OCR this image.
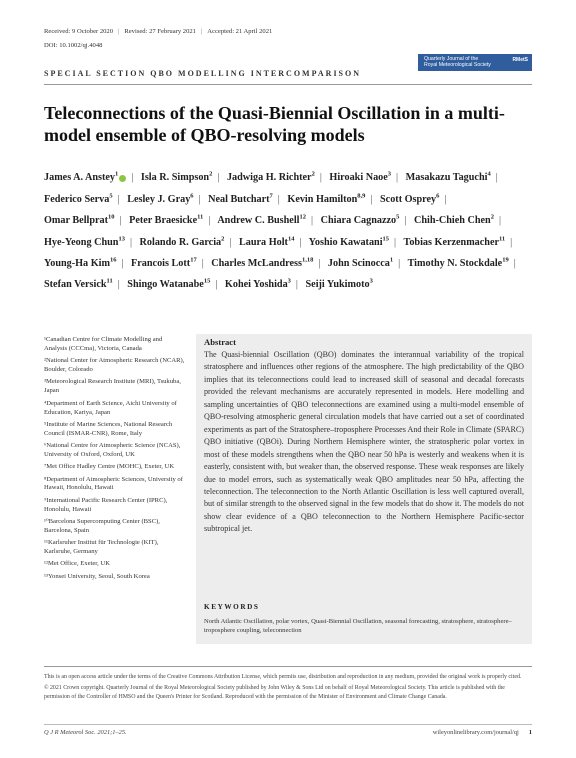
Received: 9 October 2020 | Revised: 27 February 2021 | Accepted: 21 April 2021
DOI: 10.1002/qj.4048
Quarterly Journal of the
Royal Meteorological Society
RMetS
SPECIAL SECTION QBO MODELLING INTERCOMPARISON
Teleconnections of the Quasi-Biennial Oscillation in a multi-model ensemble of QBO-resolving models
James A. Anstey$^1$ | Isla R. Simpson$^2$ | Jadwiga H. Richter$^2$ | Hiroaki Naoe$^3$ | Masakazu Taguchi$^4$ | Federico Serva$^5$ | Lesley J. Gray$^6$ | Neal Butchart$^7$ | Kevin Hamilton$^{8,9}$ | Scott Osprey$^6$ | Omar Bellprat$^{10}$ | Peter Braesicke$^{11}$ | Andrew C. Bushell$^{12}$ | Chiara Cagnazzo$^5$ | Chih-Chieh Chen$^2$ | Hye-Yeong Chun$^{13}$ | Rolando R. Garcia$^2$ | Laura Holt$^{14}$ | Yoshio Kawatani$^{15}$ | Tobias Kerzenmacher$^{11}$ | Young-Ha Kim$^{16}$ | Francois Lott$^{17}$ | Charles McLandress$^{1,18}$ | John Scinocca$^1$ | Timothy N. Stockdale$^{19}$ | Stefan Versick$^{11}$ | Shingo Watanabe$^{15}$ | Kohei Yoshida$^3$ | Seiji Yukimoto$^3$

¹Canadian Centre for Climate Modelling and Analysis (CCCma), Victoria, Canada

²National Center for Atmospheric Research (NCAR), Boulder, Colorado

³Meteorological Research Institute (MRI), Tsukuba, Japan

⁴Department of Earth Science, Aichi University of Education, Kariya, Japan

⁵Institute of Marine Sciences, National Research Council (ISMAR-CNR), Rome, Italy

⁶National Centre for Atmospheric Science (NCAS), University of Oxford, Oxford, UK

⁷Met Office Hadley Centre (MOHC), Exeter, UK

⁸Department of Atmospheric Sciences, University of Hawaii, Honolulu, Hawaii

⁹International Pacific Research Center (IPRC), Honolulu, Hawaii

¹⁰Barcelona Supercomputing Center (BSC), Barcelona, Spain

¹¹Karlsruher Institut für Technologie (KIT), Karlsruhe, Germany

¹²Met Office, Exeter, UK

¹³Yonsei University, Seoul, South Korea

Abstract
The Quasi-biennial Oscillation (QBO) dominates the interannual variability of the tropical stratosphere and influences other regions of the atmosphere. The high predictability of the QBO implies that its teleconnections could lead to increased skill of seasonal and decadal forecasts provided the relevant mechanisms are accurately represented in models. Here modelling and sampling uncertainties of QBO teleconnections are examined using a multi-model ensemble of QBO-resolving atmospheric general circulation models that have carried out a set of coordinated experiments as part of the Stratosphere–troposphere Processes And their Role in Climate (SPARC) QBO initiative (QBOi). During Northern Hemisphere winter, the stratospheric polar vortex in most of these models strengthens when the QBO near 50 hPa is westerly and weakens when it is easterly, consistent with, but weaker than, the observed response. These weak responses are likely due to model errors, such as systematically weak QBO amplitudes near 50 hPa, affecting the teleconnection. The teleconnection to the North Atlantic Oscillation is less well captured overall, but of similar strength to the observed signal in the few models that do show it. The models do not show clear evidence of a QBO teleconnection to the Northern Hemisphere Pacific-sector subtropical jet.
KEYWORDS
North Atlantic Oscillation, polar vortex, Quasi-Biennial Oscillation, seasonal forecasting, stratosphere, stratosphere–troposphere coupling, teleconnection

This is an open access article under the terms of the Creative Commons Attribution License, which permits use, distribution and reproduction in any medium, provided the original work is properly cited.

© 2021 Crown copyright. Quarterly Journal of the Royal Meteorological Society published by John Wiley & Sons Ltd on behalf of Royal Meteorological Society. This article is published with the permission of the Controller of HMSO and the Queen's Printer for Scotland. Reproduced with the permission of the Minister of Environment and Climate Change Canada.

Q J R Meteorol Soc. 2021;1–25.	wileyonlinelibrary.com/journal/qj 1
